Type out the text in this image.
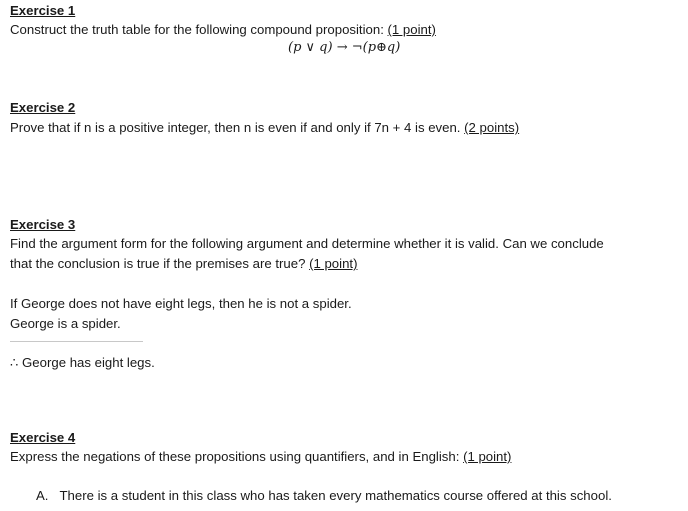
Exercise 1
Construct the truth table for the following compound proposition: (1 point)
(p ∨ q) → ¬(p⊕q)
Exercise 2
Prove that if n is a positive integer, then n is even if and only if 7n + 4 is even. (2 points)
Exercise 3
Find the argument form for the following argument and determine whether it is valid. Can we conclude
that the conclusion is true if the premises are true? (1 point)
If George does not have eight legs, then he is not a spider.
George is a spider.
∴ George has eight legs.
Exercise 4
Express the negations of these propositions using quantifiers, and in English: (1 point)
A. There is a student in this class who has taken every mathematics course offered at this school.
